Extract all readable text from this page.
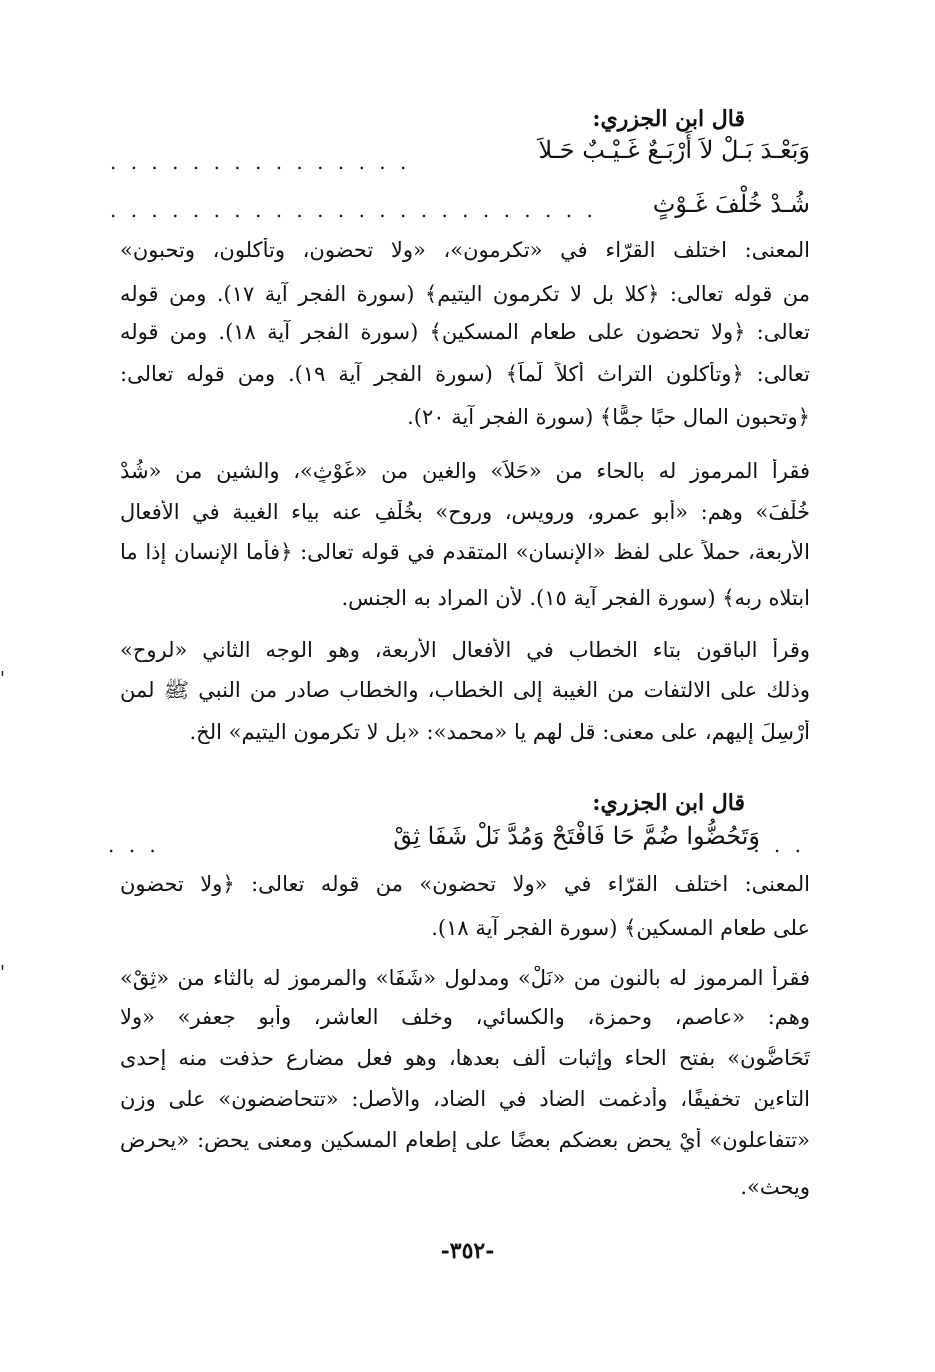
قال ابن الجزري:
وَبَعْـدَ بَـلْ لاَ أَرْبَـعٌ غَـيْـبٌ حَـلاَ
. . . . . . . . . . . . . . .
شُـدْ خُلْفَ غَـوْثٍ
. . . . . . . . . . . . . . . . . . . . . . . .
المعنى: اختلف القرّاء في «تكرمون»، «ولا تحضون، وتأكلون، وتحبون»
من قوله تعالى: ﴿كلا بل لا تكرمون اليتيم﴾ (سورة الفجر آية ١٧). ومن قوله
تعالى: ﴿ولا تحضون على طعام المسكين﴾ (سورة الفجر آية ١٨). ومن قوله
تعالى: ﴿وتأكلون التراث أكلاً لّماً﴾ (سورة الفجر آية ١٩). ومن قوله تعالى:
﴿وتحبون المال حبًا جمًّا﴾ (سورة الفجر آية ٢٠).
فقرأ المرموز له بالحاء من «حَلاَ» والغين من «غَوْثٍ»، والشين من «شُدْ
خُلْفَ» وهم: «أبو عمرو، ورويس، وروح» بخُلْفٍ عنه بياء الغيبة في الأفعال
الأربعة، حملاً على لفظ «الإنسان» المتقدم في قوله تعالى: ﴿فأما الإنسان إذا ما
ابتلاه ربه﴾ (سورة الفجر آية ١٥). لأن المراد به الجنس.
وقرأ الباقون بتاء الخطاب في الأفعال الأربعة، وهو الوجه الثاني «لروح»
وذلك على الالتفات من الغيبة إلى الخطاب، والخطاب صادر من النبي ﷺ لمن
أُرْسِلَ إليهم، على معنى: قل لهم يا «محمد»: «بل لا تكرمون اليتيم» الخ.
قال ابن الجزري:
. . .
وَتَحُضُّوا ضُمَّ حَا فَافْتَحْ وَمُدَّ نَلْ شَفَا ثِقْ
. . .
المعنى: اختلف القرّاء في «ولا تحضون» من قوله تعالى: ﴿ولا تحضون
على طعام المسكين﴾ (سورة الفجر آية ١٨).
فقرأ المرموز له بالنون من «نَلْ» ومدلول «شَفَا» والمرموز له بالثاء من «ثِقْ»
وهم: «عاصم، وحمزة، والكسائي، وخلف العاشر، وأبو جعفر» «ولا
تَحَاضُّون» بفتح الحاء وإثبات ألف بعدها، وهو فعل مضارع حذفت منه إحدى
التاءين تخفيفًا، وأدغمت الضاد في الضاد، والأصل: «تتحاضضون» على وزن
«تتفاعلون» أيْ يحض بعضكم بعضًا على إطعام المسكين ومعنى يحض: «يحرض
ويحث».
-٣٥٢-
'
'
